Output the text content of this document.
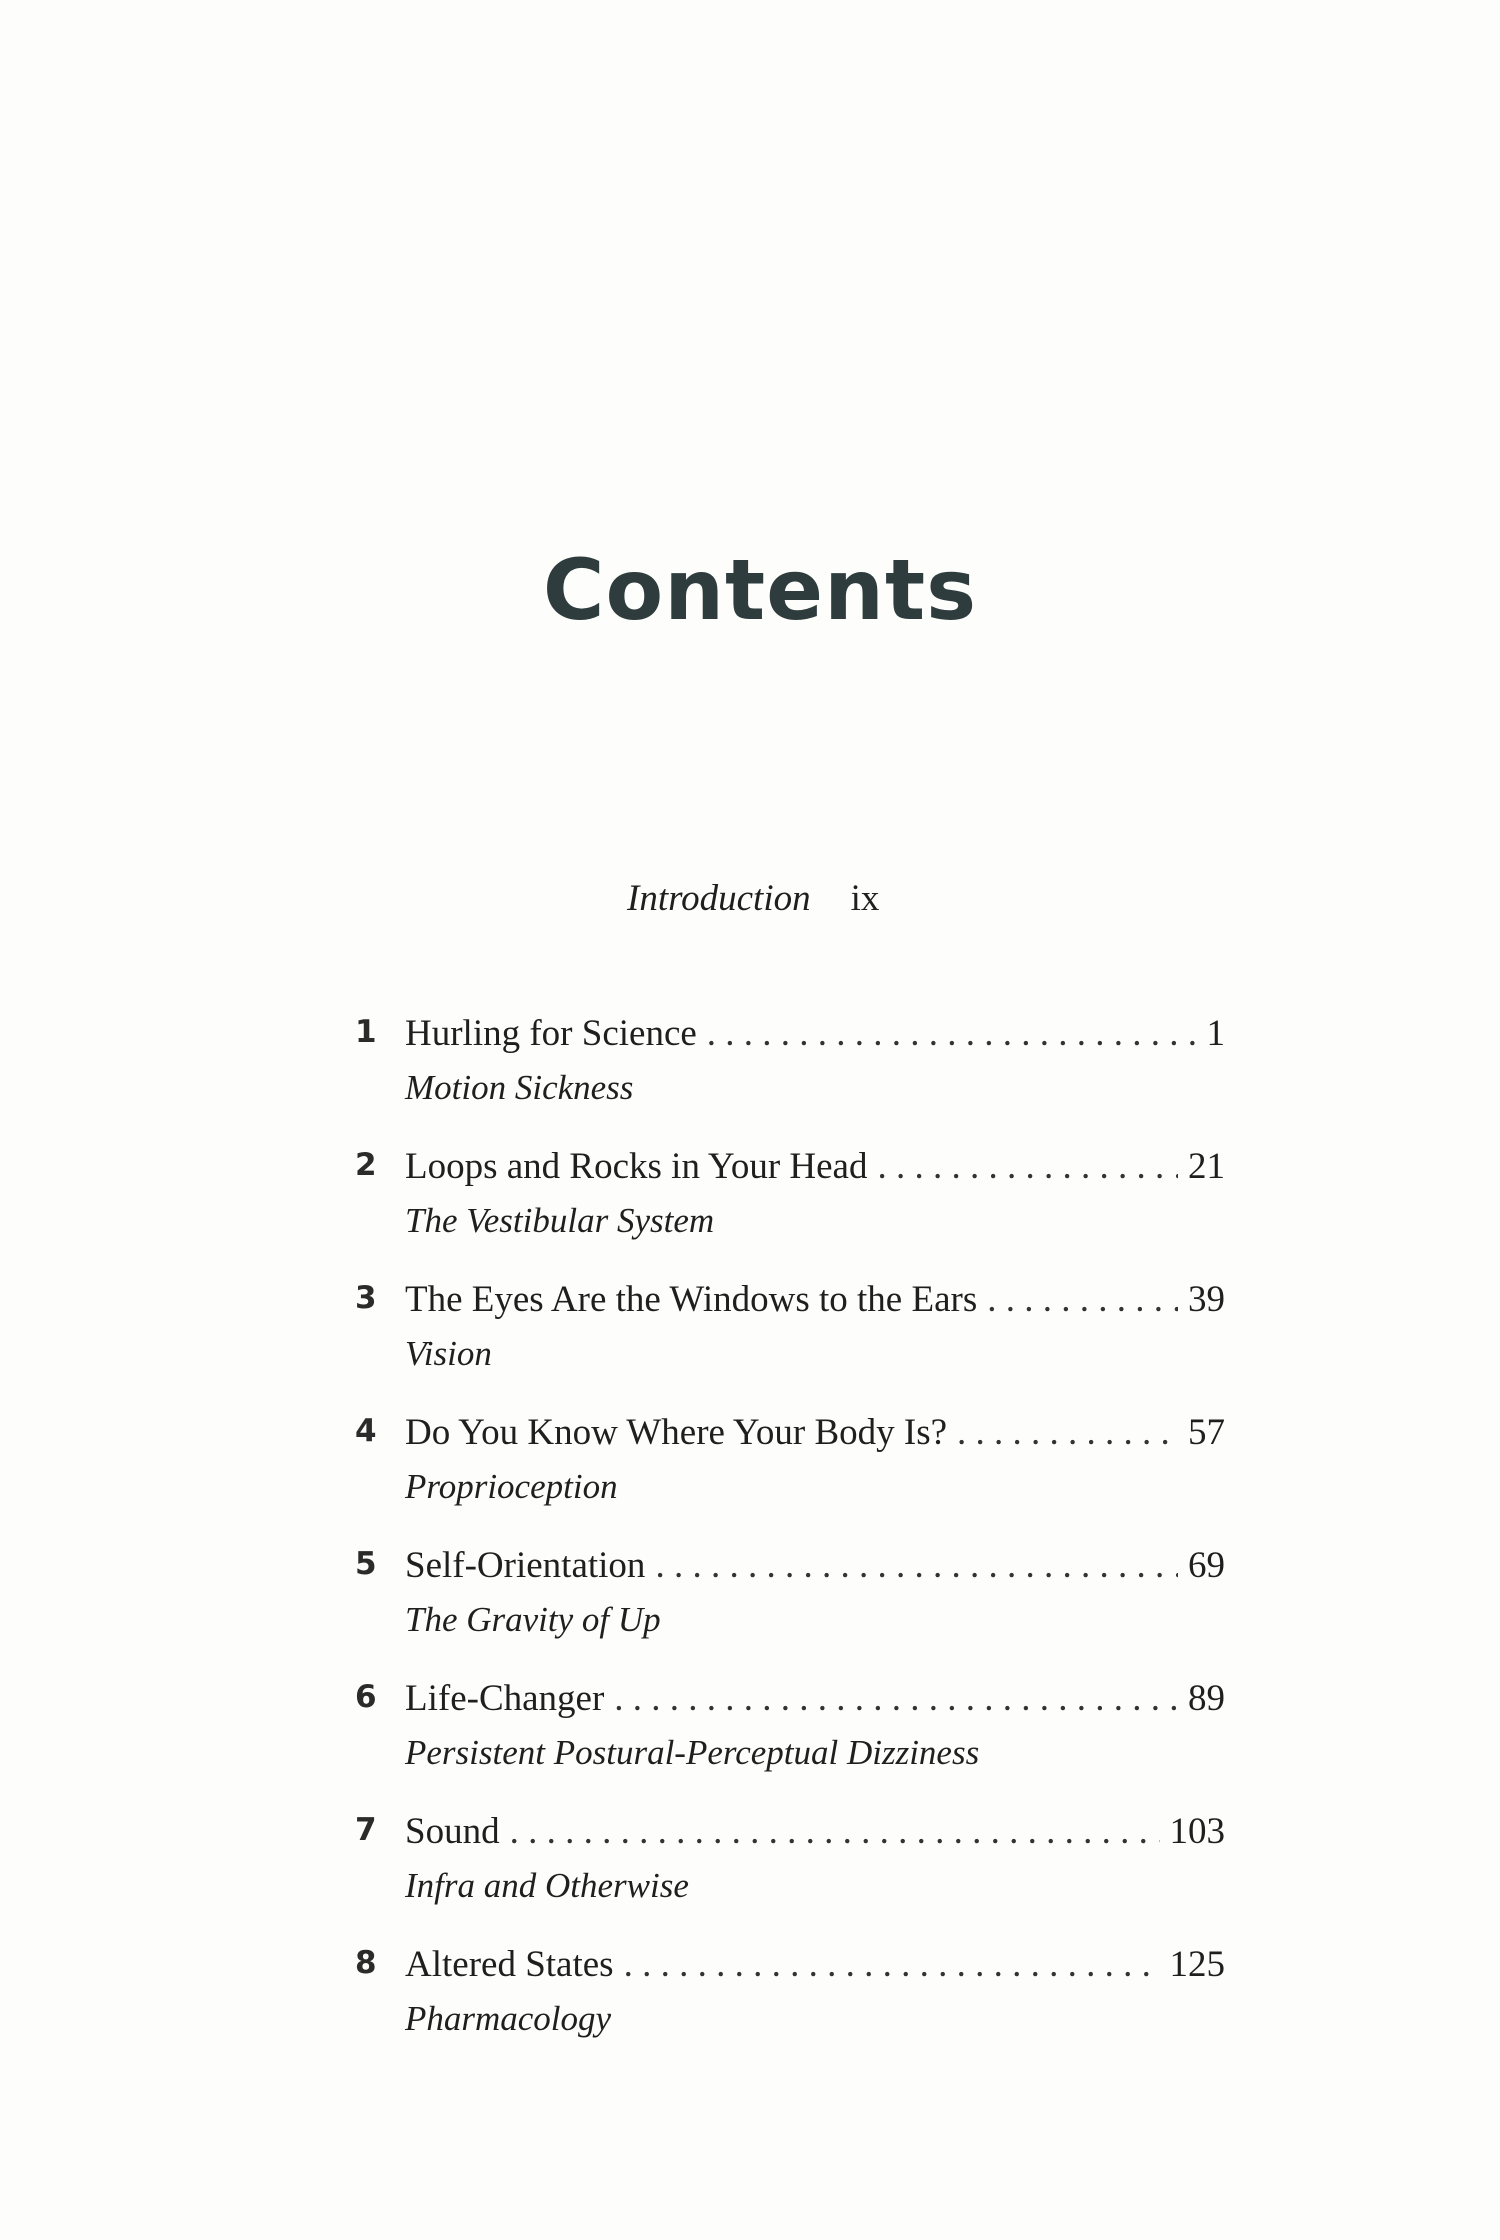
Contents
Introduction ix
1 Hurling for Science . . .	1
Motion Sickness
2 Loops and Rocks in Your Head . . .	21
The Vestibular System
3 The Eyes Are the Windows to the Ears . . .	39
Vision
4 Do You Know Where Your Body Is? . . .	57
Proprioception
5 Self-Orientation . . .	69
The Gravity of Up
6 Life-Changer . . .	89
Persistent Postural-Perceptual Dizziness
7 Sound . . .	103
Infra and Otherwise
8 Altered States . . .	125
Pharmacology
